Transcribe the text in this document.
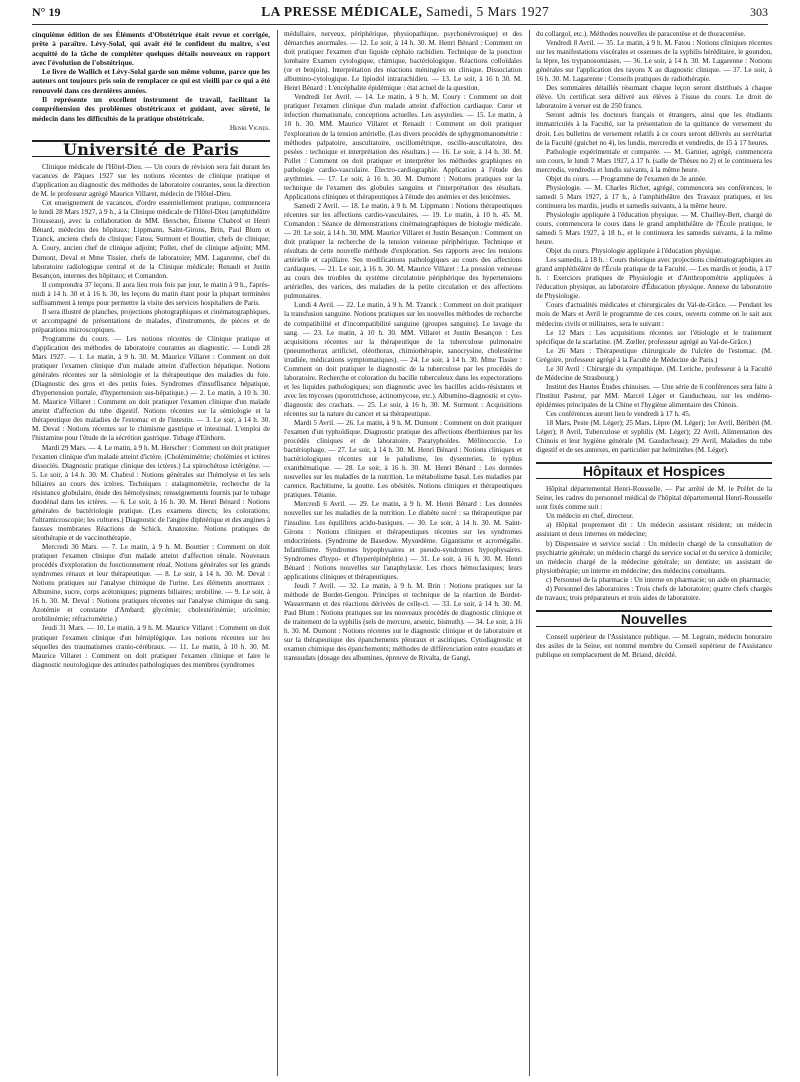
N° 19	LA PRESSE MÉDICALE, Samedi, 5 Mars 1927	303

cinquième édition de ses Éléments d'Obstétrique était revue et corrigée, prête à paraître. Lévy-Solal, qui avait été le confident du maître, s'est acquitté de la tâche de compléter quelques détails nouveaux en rapport avec l'évolution de l'obstétrique.

Le livre de Wallich et Lévy-Solal garde son même volume, parce que les auteurs ont toujours pris soin de remplacer ce qui est vieilli par ce qui a été renouvelé dans ces dernières années.

Il représente un excellent instrument de travail, facilitant la compréhension des problèmes obstétricaux et guidant, avec sûreté, le médecin dans les difficultés de la pratique obstétricale.

Henri Vignes.

Université de Paris

Clinique médicale de l'Hôtel-Dieu. — Un cours de révision sera fait durant les vacances de Pâques 1927 sur les notions récentes de clinique pratique et d'application au diagnostic des méthodes de laboratoire courantes, sous la direction de M. le professeur agrégé Maurice Villaret, médecin de l'Hôtel-Dieu.

Cet enseignement de vacances, d'ordre essentiellement pratique, commencera le lundi 28 Mars 1927, à 9 h., à la Clinique médicale de l'Hôtel-Dieu (amphithéâtre Trousseau), avec la collaboration de MM. Herscher, Étienne Chabrol et Henri Bénard, médecins des hôpitaux; Lippmann, Saint-Girons, Brin, Paul Blum et Tzanck, anciens chefs de clinique; Fatou, Surmont et Bouttier, chefs de clinique; A. Coury, ancien chef de clinique adjoint; Pollet, chef de clinique adjoint; MM. Dumont, Deval et Mme Tissier, chefs de laboratoire; MM. Lagarenne, chef du laboratoire radiologique central et de la Clinique médicale; Renault et Justin Besançon, internes des hôpitaux; et Comandon.

Il comprendra 37 leçons. Il aura lieu trois fois par jour, le matin à 9 h., l'après-midi à 14 h. 30 et à 16 h. 30, les leçons du matin étant pour la plupart terminées suffisamment à temps pour permettre la visite des services hospitaliers de Paris.

Il sera illustré de planches, projections photographiques et cinématographiques, et accompagné de présentations de malades, d'instruments, de pièces et de préparations microscopiques.

Programme du cours. — Les notions récentes de Clinique pratique et d'application des méthodes de laboratoire courantes au diagnostic. — Lundi 28 Mars 1927. — 1. Le matin, à 9 h. 30. M. Maurice Villaret : Comment on doit pratiquer l'examen clinique d'un malade atteint d'affection hépatique. Notions générales récentes sur la sémiologie et la thérapeutique des maladies du foie. (Diagnostic des gros et des petits foies. Syndromes d'insuffisance hépatique, d'hypertension portale, d'hypertension sus-hépatique.) — 2. Le matin, à 10 h. 30. M. Maurice Villaret : Comment on doit pratiquer l'examen clinique d'un malade atteint d'affection du tube digestif. Notions récentes sur la sémiologie et la thérapeutique des maladies de l'estomac et de l'intestin. — 3. Le soir, à 14 h. 30. M. Deval : Notions récentes sur le chimisme gastrique et intestinal. L'emploi de l'histamine pour l'étude de la sécrétion gastrique. Tubage d'Einhorn.

Mardi 29 Mars. — 4. Le matin, à 9 h. M. Herscher : Comment on doit pratiquer l'examen clinique d'un malade atteint d'ictère. (Cholémimétrie; cholémies et ictères dissociés. Diagnostic pratique clinique des ictères.) La spirochétose ictérigène. — 5. Le soir, à 14 h. 30. M. Chabrol : Notions générales sur l'hémolyse et les sels biliaires au cours des ictères. Techniques : stalagmométrie, recherche de la résistance globulaire, étude des hémolysines; renseignements fournis par le tubage duodénal dans les ictères. — 6. Le soir, à 16 h. 30. M. Henri Bénard : Notions générales de bactériologie pratique. (Les examens directs; les colorations; l'ultramicroscopie; les cultures.) Diagnostic de l'angine diphtérique et des angines à fausses membranes Réactions de Schick. Anatoxine. Notions pratiques de sérothérapie et de vaccinothérapie.

Mercredi 30 Mars. — 7. Le matin, à 9 h. M. Bouttier : Comment on doit pratiquer l'examen clinique d'un malade atteint d'affection rénale. Nouveaux procédés d'exploration du fonctionnement rénal. Notions générales sur les grands syndromes rénaux et leur thérapeutique. — 8. Le soir, à 14 h. 30. M. Deval : Notions pratiques sur l'analyse chimique de l'urine. Les éléments anormaux : Albumine, sucre, corps acétoniques; pigments biliaires; urobiline. — 9. Le soir, à 16 h. 30. M. Deval : Notions pratiques récentes sur l'analyse chimique du sang. Azotémie et constante d'Ambard; glycémie; cholestérinémie; uricémie; urobilinémie; réfractométrie.)

Jeudi 31 Mars. — 10. Le matin, à 9 h. M. Maurice Villaret : Comment on doit pratiquer l'examen clinique d'un hémiplégique. Les notions récentes sur les séquelles des traumatismes cranio-cérébraux. — 11. Le matin, à 10 h. 30. M. Maurice Villaret : Comment on doit pratiquer l'examen clinique et faire le diagnostic neurologique des attitudes pathologiques des membres (syndromes

médullaire, nerveux, périphérique, physiopathique, psychonévrosique) et des démarches anormales. — 12. Le soir, à 14 h. 30. M. Henri Bénard : Comment on doit pratiquer l'examen d'un liquide céphalo rachidien. Technique de la ponction lombaire Examen cytologique, chimique, bactériologique. Réactions colloïdales (or et benjoin). Interprétation des réactions méningées en clinique. Dissociation albumino-cytologique. Le lipiodol intrarachidien. — 13. Le soir, à 16 h 30. M. Henri Bénard : L'encéphalite épidémique : état actuel de la question.

Vendredi 1er Avril. — 14. Le matin, à 9 h. M. Coury : Comment on doit pratiquer l'examen clinique d'un malade atteint d'affection cardiaque. Cœur et infection rhumatismale, conceptions actuelles. Les asystolies. — 15. Le matin, à 10 h. 30. MM. Maurice Villaret et Renault : Comment on doit pratiquer l'exploration de la tension artérielle. (Les divers procédés de sphygmomanométrie : méthodes palpatoire, auscultatoire, oscillométrique, oscillo-auscultatoire, des pesées : technique et interprétation des résultats.) — 16. Le soir, à 14 h. 30. M. Pollet : Comment on doit pratiquer et interpréter les méthodes graphiques en pathologie cardio-vasculaire. Électro-cardiographie. Application à l'étude des arythmies. — 17. Le soir, à 16 h. 30. M. Dumont : Notions pratiques sur la technique de l'examen des globules sanguins et l'interprétation des résultats. Applications cliniques et thérapeutiques à l'étude des anémies et des leucémies.

Samedi 2 Avril. — 18. Le matin, à 9 h. M. Lippmann : Notions thérapeutiques récentes sur les affections cardio-vasculaires. — 19. Le matin, à 10 h. 45. M. Comandon : Séance de démonstrations cinématographiques de biologie médicale. — 20. Le soir, à 14 h. 30. MM. Maurice Villaret et Justin Besançon : Comment on doit pratiquer la recherche de la tension veineuse périphérique. Technique et résultats de cette nouvelle méthode d'exploration. Ses rapports avec les tensions artérielle et capillaire. Ses modifications pathologiques au cours des affections cardiaques. — 21. Le soir, à 16 h. 30. M. Maurice Villaret : La pression veineuse au cours des troubles du système circulatoire périphérique des hypertensions artérielles, des varices, des maladies de la petite circulation et des affections pulmonaires.

Lundi 4 Avril. — 22. Le matin, à 9 h. M. Tzanck : Comment on doit pratiquer la transfusion sanguine. Notions pratiques sur les nouvelles méthodes de recherche de compatibilité et d'incompatibilité sanguine (groupes sanguins). Le lavage du sang. — 23. Le matin, à 10 h. 30. MM. Villaret et Justin Besançon : Les acquisitions récentes sur la thérapeutique de la tuberculose pulmonaire (pneumothorax artificiel, oléothorax, chimiothérapie, sanocrysine, cholestérine irradiée, médications symptomatiques). — 24. Le soir, à 14 h. 30. Mme Tissier : Comment on doit pratiquer le diagnostic de la tuberculose par les procédés de laboratoire. Recherche et coloration du bacille tuberculeux dans les expectorations et les liquides pathologiques; son diagnostic avec les bacilles acido-résistants et avec les mycoses (sporotrichose, actinomycose, etc.). Albumino-diagnostic et cyto-diagnostic des crachats. — 25. Le soir, à 16 h. 30. M. Surmont : Acquisitions récentes sur la nature du cancer et sa thérapeutique.

Mardi 5 Avril. — 26. Le matin, à 9 h. M. Dumont : Comment on doit pratiquer l'examen d'un typhoïdique. Diagnostic pratique des affections éberthiennes par les procédés cliniques et de laboratoire. Paratyphoïdes. Mélitococcie. Le bactériophage. — 27. Le soir, à 14 h. 30. M. Henri Bénard : Notions cliniques et bactériologiques récentes sur le paludisme, les dysenteries, le typhus exanthématique. — 28. Le soir, à 16 h. 30. M. Henri Bénard : Les données nouvelles sur les maladies de la nutrition. Le métabolisme basal. Les maladies par carence. Rachitisme, la goutte. Les obésités. Notions cliniques et thérapeutiques pratiques. Tétanie.

Mercredi 6 Avril. — 29. Le matin, à 9 h. M. Henri Bénard : Les données nouvelles sur les maladies de la nutrition. Le diabète sucré : sa thérapeutique par l'insuline. Les équilibres acido-basiques. — 30. Le soir, à 14 h. 30. M. Saint-Girons : Notions cliniques et thérapeutiques récentes sur les syndromes endocriniens. (Syndrome de Basedow. Myxœdème. Gigantisme et acromégalie. Infantilisme. Syndromes hypophysaires et pseudo-syndromes hypophysaires. Syndromes d'hypo- et d'hyperépinéphrie.) — 31. Le soir, à 16 h. 30. M. Henri Bénard : Notions nouvelles sur l'anaphylaxie. Les chocs hémoclasiques; leurs applications cliniques et thérapeutiques.

Jeudi 7 Avril. — 32. Le matin, à 9 h. M. Brin : Notions pratiques sur la méthode de Bordet-Gengou. Principes et technique de la réaction de Bordet-Wassermann et des réactions dérivées de celle-ci. — 33. Le soir, à 14 h. 30. M. Paul Blum : Notions pratiques sur les nouveaux procédés de diagnostic clinique et de traitement de la syphilis (sels de mercure, arsenic, bismuth). — 34. Le soir, à 16 h. 30. M. Dumont : Notions récentes sur le diagnostic clinique et de laboratoire et sur la thérapeutique des épanchements pleuraux et ascitiques. Cytodiagnostic et examen chimique des épanchements; méthodes de différenciation entre exsudats et transsudats (dosage des albumines, épreuve de Rivalta, de Gangi,

du collargol, etc.). Méthodes nouvelles de paracentèse et de thoracentèse.

Vendredi 8 Avril. — 35. Le matin, à 9 h. M. Fatou : Notions cliniques récentes sur les manifestations viscérales et osseuses de la syphilis héréditaire, le goundou, la lèpre, les trypanosomiases. — 36. Le soir, à 14 h. 30. M. Lagarenne : Notions générales sur l'application des rayons X au diagnostic clinique. — 37. Le soir, à 16 h. 30. M. Lagarenne : Conseils pratiques de radiothérapie.

Des sommaires détaillés résumant chaque leçon seront distribués à chaque élève. Un certificat sera délivré aux élèves à l'issue du cours. Le droit de laboratoire à verser est de 250 francs.

Seront admis les docteurs français et étrangers, ainsi que les étudiants immatriculés à la Faculté, sur la présentation de la quittance de versement du droit. Les bulletins de versement relatifs à ce cours seront délivrés au secrétariat de la Faculté (guichet no 4), les lundis, mercredis et vendredis, de 15 à 17 heures.

Pathologie expérimentale et comparée. — M. Garnier, agrégé, commencera son cours, le lundi 7 Mars 1927, à 17 h. (salle de Thèses no 2) et le continuera les mercredis, vendredis et lundis suivants, à la même heure.

Objet du cours. — Programme de l'examen de 3e année.

Physiologie. — M. Charles Richet, agrégé, commencera ses conférences, le samedi 5 Mars 1927, à 17 h., à l'amphithéâtre des Travaux pratiques, et les continuera les mardis, jeudis et samedis suivants, à la même heure.

Physiologie appliquée à l'éducation physique. — M. Chailley-Bert, chargé de cours, commencera le cours dans le grand amphithéâtre de l'École pratique, le samedi 5 Mars 1927, à 18 h., et le continuera les samedis suivants, à la même heure.

Objet du cours. Physiologie appliquée à l'éducation physique.

Les samedis, à 18 h. : Cours théorique avec projections cinématographiques au grand amphithéâtre de l'École pratique de la Faculté. — Les mardis et jeudis, à 17 h. : Exercices pratiques de Physiologie et d'Anthropométrie appliquées à l'éducation physique, au laboratoire d'Éducation physique. Annexe du laboratoire de Physiologie.

Cours d'actualités médicales et chirurgicales du Val-de-Grâce. — Pendant les mois de Mars et Avril le programme de ces cours, ouverts comme on le sait aux médecins civils et militaires, sera le suivant :

Le 12 Mars : Les acquisitions récentes sur l'étiologie et le traitement spécifique de la scarlatine. (M. Zœller, professeur agrégé au Val-de-Grâce.)

Le 26 Mars : Thérapeutique chirurgicale de l'ulcère de l'estomac. (M. Grégoire, professeur agrégé à la Faculté de Médecine de Paris.)

Le 30 Avril : Chirurgie du sympathique. (M. Leriche, professeur à la Faculté de Médecine de Strasbourg.)

Institut des Hautes Études chinoises. — Une série de 6 conférences sera faite à l'Institut Pasteur, par MM. Marcel Léger et Gauducheau, sur les endémo-épidémies principales de la Chine et l'hygiène alimentaire des Chinois.

Ces conférences auront lieu le vendredi à 17 h. 45.

18 Mars, Peste (M. Léger); 25 Mars, Lèpre (M. Léger); 1er Avril, Béribéri (M. Léger); 8 Avril, Tuberculose et syphilis (M. Léger); 22 Avril, Alimentation des Chinois et leur hygiène générale (M. Gauducheau); 29 Avril, Maladies du tube digestif et de ses annexes, en particulier par helminthes (M. Léger).

Hôpitaux et Hospices

Hôpital départemental Henri-Rousselle. — Par arrêté de M. le Préfet de la Seine, les cadres du personnel médical de l'hôpital départemental Henri-Rousselle sont fixés comme suit :

Un médecin en chef, directeur.

a) Hôpital proprement dit : Un médecin assistant résident; un médecin assistant et deux internes en médecine;

b) Dispensaire et service social : Un médecin chargé de la consultation de psychiatrie générale; un médecin chargé du service social et du service à domicile; un médecin chargé de la médecine générale; un dentiste; un assistant de physiothérapie; un interne en médecine; des médecins consultants.

c) Personnel de la pharmacie : Un interne en pharmacie; un aide en pharmacie;

d) Personnel des laboratoires : Trois chefs de laboratoire; quatre chefs chargés de travaux; trois préparateurs et trois aides de laboratoire.

Nouvelles

Conseil supérieur de l'Assistance publique. — M. Legrain, médecin honoraire des asiles de la Seine, est nommé membre du Conseil supérieur de l'Assistance publique en remplacement de M. Briand, décédé.
